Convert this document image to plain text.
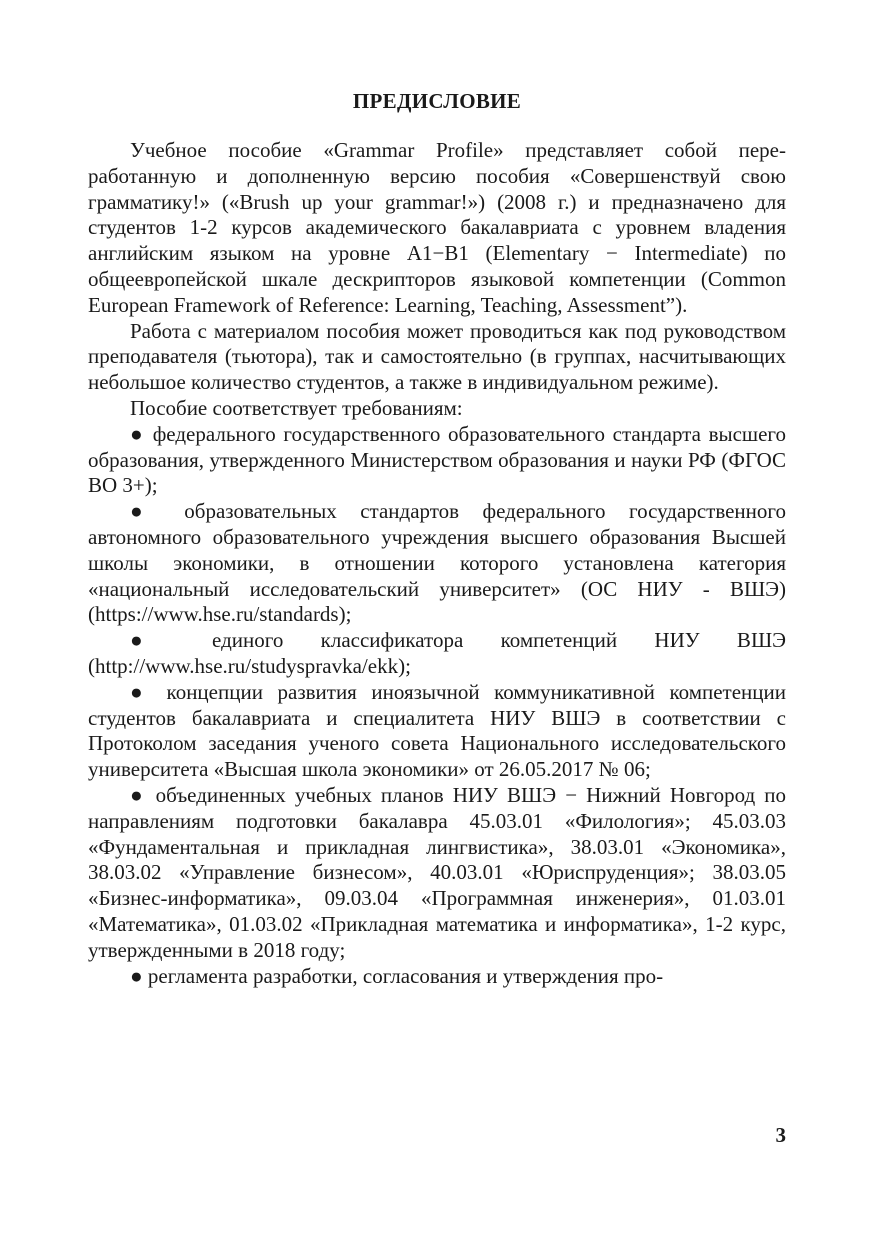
ПРЕДИСЛОВИЕ

Учебное пособие «Grammar Profile» представляет собой переработанную и дополненную версию пособия «Совершенствуй свою грамматику!» («Brush up your grammar!») (2008 г.) и предназначено для студентов 1-2 курсов академического бакалавриата с уровнем владения английским языком на уровне А1−В1 (Elementary − Intermediate) по общеевропейской шкале дескрипторов языковой компетенции (Common European Framework of Reference: Learning, Teaching, Assessment”).

Работа с материалом пособия может проводиться как под руководством преподавателя (тьютора), так и самостоятельно (в группах, насчитывающих небольшое количество студентов, а также в индивидуальном режиме).

Пособие соответствует требованиям:

● федерального государственного образовательного стандарта высшего образования, утвержденного Министерством образования и науки РФ (ФГОС ВО 3+);

● образовательных стандартов федерального государственного автономного образовательного учреждения высшего образования Высшей школы экономики, в отношении которого установлена категория «национальный исследовательский университет» (ОС НИУ - ВШЭ) (https://www.hse.ru/standards);

● единого классификатора компетенций НИУ ВШЭ (http://www.hse.ru/studyspravka/ekk);

● концепции развития иноязычной коммуникативной компетенции студентов бакалавриата и специалитета НИУ ВШЭ в соответствии с Протоколом заседания ученого совета Национального исследовательского университета «Высшая школа экономики» от 26.05.2017 № 06;

● объединенных учебных планов НИУ ВШЭ − Нижний Новгород по направлениям подготовки бакалавра 45.03.01 «Филология»; 45.03.03 «Фундаментальная и прикладная лингвистика», 38.03.01 «Экономика», 38.03.02 «Управление бизнесом», 40.03.01 «Юриспруденция»; 38.03.05 «Бизнес-информатика», 09.03.04 «Программная инженерия», 01.03.01 «Математика», 01.03.02 «Прикладная математика и информатика», 1-2 курс, утвержденными в 2018 году;

● регламента разработки, согласования и утверждения про-

3
